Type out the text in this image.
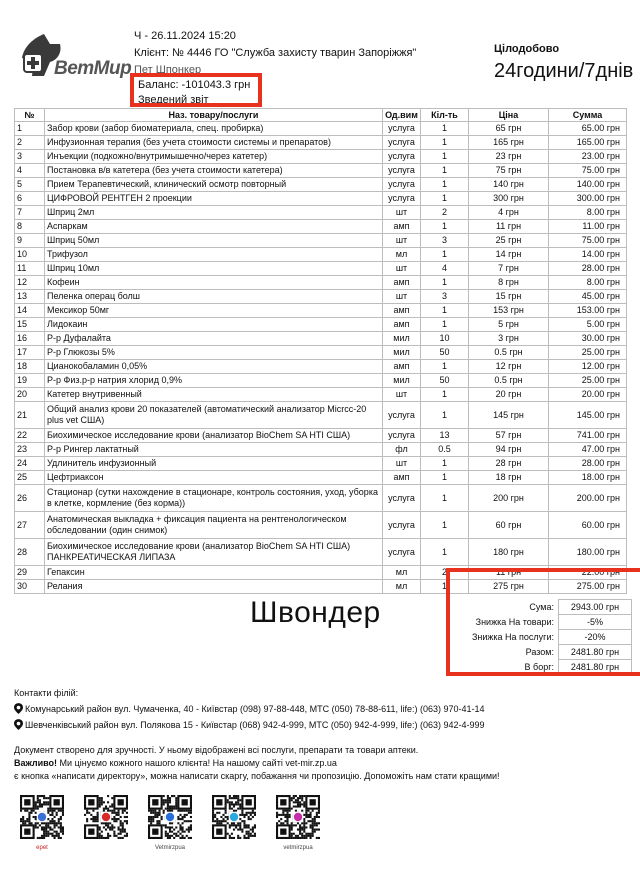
ВетМир
Ч - 26.11.2024 15:20
Клієнт: № 4446 ГО "Служба захисту тварин Запоріжжя"
Пет Шпонкер
Баланс: -101043.3 грн
Зведений звіт
Цілодобово
24години/7днів
№	Наз. товару/послуги	Од.вим	Кіл-ть	Ціна	Сумма
1	Забор крови (забор биоматериала, спец. пробирка)	услуга	1	65 грн	65.00 грн
2	Инфузионная терапия (без учета стоимости системы и препаратов)	услуга	1	165 грн	165.00 грн
3	Инъекции (подкожно/внутримышечно/через катетер)	услуга	1	23 грн	23.00 грн
4	Постановка в/в катетера (без учета стоимости катетера)	услуга	1	75 грн	75.00 грн
5	Прием Терапевтический, клинический осмотр повторный	услуга	1	140 грн	140.00 грн
6	ЦИФРОВОЙ РЕНТГЕН 2 проекции	услуга	1	300 грн	300.00 грн
7	Шприц 2мл	шт	2	4 грн	8.00 грн
8	Аспаркам	амп	1	11 грн	11.00 грн
9	Шприц 50мл	шт	3	25 грн	75.00 грн
10	Трифузол	мл	1	14 грн	14.00 грн
11	Шприц 10мл	шт	4	7 грн	28.00 грн
12	Кофеин	амп	1	8 грн	8.00 грн
13	Пеленка операц болш	шт	3	15 грн	45.00 грн
14	Мексикор 50мг	амп	1	153 грн	153.00 грн
15	Лидокаин	амп	1	5 грн	5.00 грн
16	Р-р Дуфалайта	мил	10	3 грн	30.00 грн
17	Р-р Глюкозы 5%	мил	50	0.5 грн	25.00 грн
18	Цианокобаламин 0,05%	амп	1	12 грн	12.00 грн
19	Р-р Физ.р-р натрия хлорид 0,9%	мил	50	0.5 грн	25.00 грн
20	Катетер внутривенный	шт	1	20 грн	20.00 грн
21	Общий анализ крови 20 показателей (автоматический анализатор Micrcc-20 plus vet США)	услуга	1	145 грн	145.00 грн
22	Биохимическое исследование крови (анализатор BioChem SA HTI США)	услуга	13	57 грн	741.00 грн
23	Р-р Рингер лактатный	фл	0.5	94 грн	47.00 грн
24	Удлинитель инфузионный	шт	1	28 грн	28.00 грн
25	Цефтриаксон	амп	1	18 грн	18.00 грн
26	Стационар (сутки нахождение в стационаре, контроль состояния, уход, уборка в клетке, кормление (без корма))	услуга	1	200 грн	200.00 грн
27	Анатомическая выкладка + фиксация пациента на рентгенологическом обследовании (один снимок)	услуга	1	60 грн	60.00 грн
28	Биохимическое исследование крови (анализатор BioChem SA HTI США) ПАНКРЕАТИЧЕСКАЯ ЛИПАЗА	услуга	1	180 грн	180.00 грн
29	Гепаксин	мл	2	11 грн	22.00 грн
30	Релания	мл	1	275 грн	275.00 грн
Швондер	Сума:	2943.00 грн
Знижка На товари:	-5%
Знижка На послуги:	-20%
Разом:	2481.80 грн
В борг:	2481.80 грн
Контакти філій:
Комунарський район вул. Чумаченка, 40 - Київстар (098) 97-88-448, МТС (050) 78-88-611, life:) (063) 970-41-14
Шевченківський район вул. Полякова 15 - Київстар (068) 942-4-999, МТС (050) 942-4-999, life:) (063) 942-4-999
Документ створено для зручності. У ньому відображені всі послуги, препарати та товари аптеки.
Важливо! Ми цінуємо кожного нашого клієнта! На нашому сайті vet-mir.zp.ua
є кнопка «написати директору», можна написати скаргу, побажання чи пропозицію. Допоможіть нам стати кращими!
epet	Vetmirzpua	vetmirzpua
